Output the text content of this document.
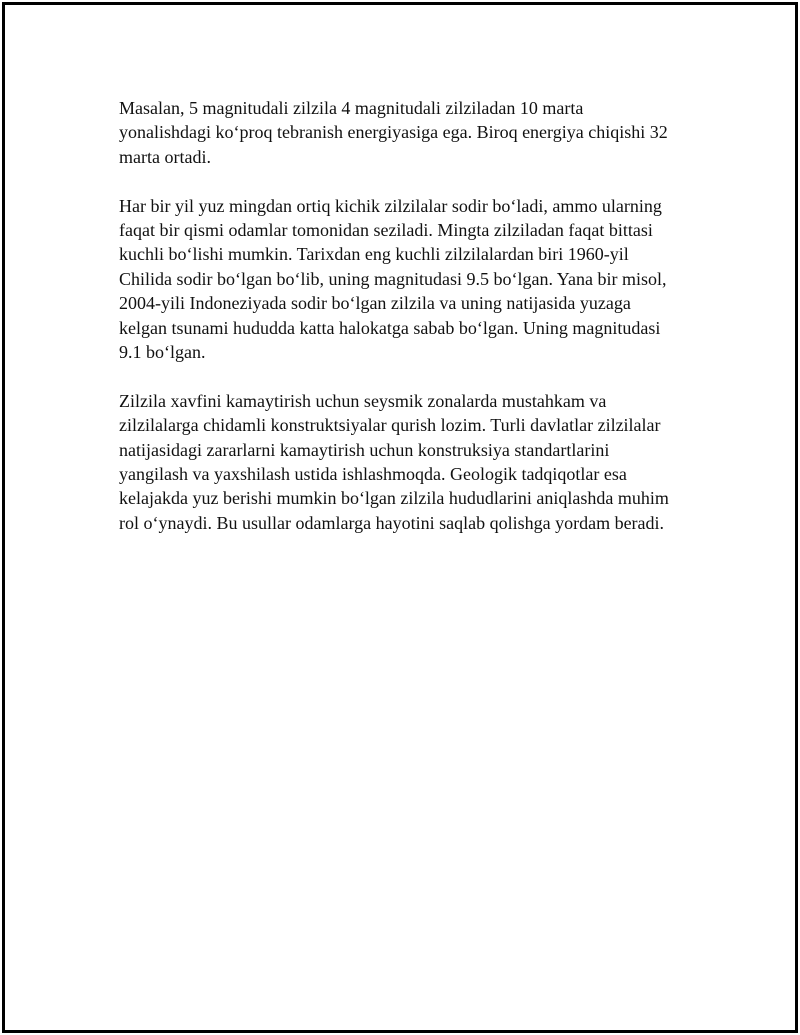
Masalan, 5 magnitudali zilzila 4 magnitudali zilziladan 10 marta
yonalishdagi ko‘proq tebranish energiyasiga ega. Biroq energiya chiqishi 32
marta ortadi.

Har bir yil yuz mingdan ortiq kichik zilzilalar sodir bo‘ladi, ammo ularning
faqat bir qismi odamlar tomonidan seziladi. Mingta zilziladan faqat bittasi
kuchli bo‘lishi mumkin. Tarixdan eng kuchli zilzilalardan biri 1960-yil
Chilida sodir bo‘lgan bo‘lib, uning magnitudasi 9.5 bo‘lgan. Yana bir misol,
2004-yili Indoneziyada sodir bo‘lgan zilzila va uning natijasida yuzaga
kelgan tsunami hududda katta halokatga sabab bo‘lgan. Uning magnitudasi
9.1 bo‘lgan.

Zilzila xavfini kamaytirish uchun seysmik zonalarda mustahkam va
zilzilalarga chidamli konstruktsiyalar qurish lozim. Turli davlatlar zilzilalar
natijasidagi zararlarni kamaytirish uchun konstruksiya standartlarini
yangilash va yaxshilash ustida ishlashmoqda. Geologik tadqiqotlar esa
kelajakda yuz berishi mumkin bo‘lgan zilzila hududlarini aniqlashda muhim
rol o‘ynaydi. Bu usullar odamlarga hayotini saqlab qolishga yordam beradi.
